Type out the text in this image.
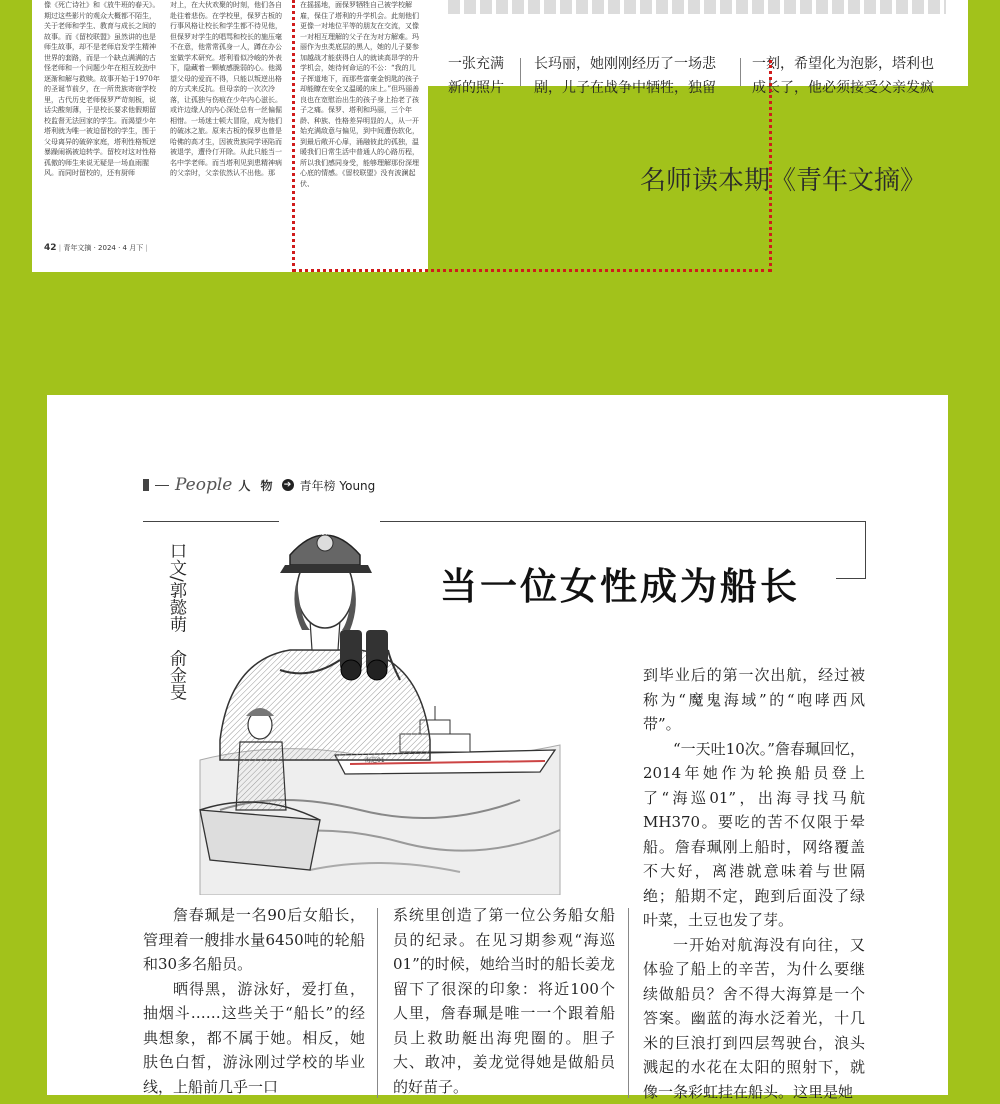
像《死亡诗社》和《放牛班的春天》。期过这些影片的观众大概都不陌生，关于老师和学生、教育与成长之间的故事。而《留校联盟》虽然讲的也是师生故事，却不是老师启发学生精神世界的套路，而是一个缺点满满的古怪老师和一个问题少年在相互较劲中逐渐和解与救赎。故事开始于1970年的圣诞节前夕，在一所贵族寄宿学校里，古代历史老师保罗严苛刻板，说话尖酸刻薄，于是校长要求他假期留校监督无法回家的学生。而渴望少年塔利就为唯一被迫留校的学生，围于父母离异的破碎家庭，塔利性格叛逆暴躁闹祸被迫转学。留校对这对性格孤傲的师生来说无疑是一场血雨腥风。而同时留校的，还有厨师
对上，在大伙欢聚的时刻，他们各自赴往着悲伤。在学校里，保罗古板的行事风格让校长和学生都不待见他，但保罗对学生的唱骂和校长的施压毫不在意，他常常孤身一人，蹲在办公室做学术研究。塔利看似冷峻的外表下，隐藏着一颗敏感脆弱的心。他渴望父母的爱而不得，只能以叛逆出格的方式来反抗。但母亲的一次次冷落，让孤独与伤痕在少年内心滋长。或许边缘人的内心深处总有一丝偏倔相惜。一场迷士顿大冒险，成为他们的破冰之旅。原来古板的保罗也曾是哈佛的高才生，因被贵族同学诬陷而被退学，遭伶仃开除。从此只能当一名中学老师。而当塔利见到患精神病的父亲时，父亲依然认不出他。那
在摇摇地，面保罗牺牲自己被学校解雇，保住了塔利的升学机会。此刻他们更像一对地位平等的朋友在交流，又像一对相互理解的父子在为对方解难。玛丽作为虫类底层的黑人，她的儿子要参加越战才能获得白人的就读高昂学的升学机会，她待何命运的不公：“我的儿子挥道地下，而那些富豪金钥匙的孩子却能瞭在安全又温暖的床上。”但玛丽善良也在宽慰治出生的孩子身上抬老了孩子之痛。保罗、塔利和玛丽，三个年龄、种族、性格差异明显的人，从一开始充满敌意与偏见，到中间遭伤软化，到最后敞开心扉，涌融彼此的孤独，温暖我们日常生活中普通人的心路历程，所以我们感同身受，能够理解那份深埋心底的情感。《留校联盟》没有波澜起伏、
42 | 青年文摘 · 2024 · 4 月下 |
一张充满
新的照片
长玛丽，她刚刚经历了一场悲
剧，儿子在战争中牺牲，独留
一刻，希望化为泡影，塔利也
成长了，他必须接受父亲发疯
名师读本期《青年文摘》
People 人 物 ➔ 青年榜 Young
当一位女性成为船长
口文/郭懿萌　俞金旻
CHINA MSA

詹春珮是一名90后女船长，管理着一艘排水量6450吨的轮船和30多名船员。

晒得黑，游泳好，爱打鱼，抽烟斗……这些关于“船长”的经典想象，都不属于她。相反，她肤色白皙，游泳刚过学校的毕业线，上船前几乎一口

系统里创造了第一位公务船女船员的纪录。在见习期参观“海巡01”的时候，她给当时的船长姜龙留下了很深的印象：将近100个人里，詹春珮是唯一一个跟着船员上救助艇出海兜圈的。胆子大、敢冲，姜龙觉得她是做船员的好苗子。

到毕业后的第一次出航，经过被称为“魔鬼海域”的“咆哮西风带”。

“一天吐10次。”詹春珮回忆，2014年她作为轮换船员登上了“海巡01”，出海寻找马航MH370。要吃的苦不仅限于晕船。詹春珮刚上船时，网络覆盖不大好，离港就意味着与世隔绝；船期不定，跑到后面没了绿叶菜，土豆也发了芽。

一开始对航海没有向往，又体验了船上的辛苦，为什么要继续做船员？舍不得大海算是一个答案。幽蓝的海水泛着光，十几米的巨浪打到四层驾驶台，浪头溅起的水花在太阳的照射下，就像一条彩虹挂在船头。这里是她
